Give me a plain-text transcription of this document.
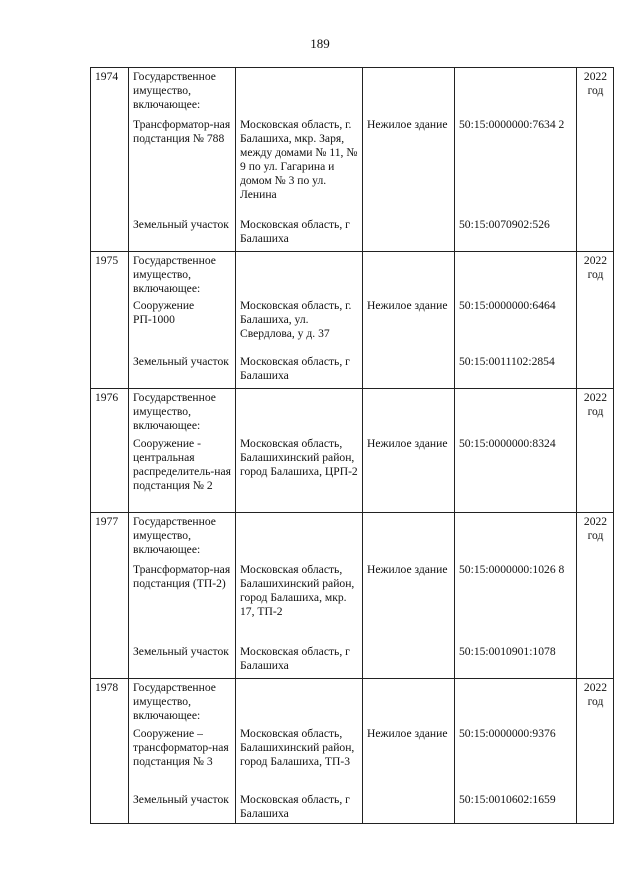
189
1974	Государственное имущество, включающее:				2022 год
	Трансформатор-ная подстанция № 788	Московская область, г. Балашиха, мкр. Заря, между домами № 11, № 9 по ул. Гагарина и домом № 3 по ул. Ленина	Нежилое здание	50:15:0000000:7634 2	
	Земельный участок	Московская область, г Балашиха		50:15:0070902:526	
1975	Государственное имущество, включающее:				2022 год
	Сооружение РП-1000	Московская область, г. Балашиха, ул. Свердлова, у д. 37	Нежилое здание	50:15:0000000:6464	
	Земельный участок	Московская область, г Балашиха		50:15:0011102:2854	
1976	Государственное имущество, включающее:				2022 год
	Сооружение - центральная распределитель-ная подстанция № 2	Московская область, Балашихинский район, город Балашиха, ЦРП-2	Нежилое здание	50:15:0000000:8324	
1977	Государственное имущество, включающее:				2022 год
	Трансформатор-ная подстанция (ТП-2)	Московская область, Балашихинский район, город Балашиха, мкр. 17, ТП-2	Нежилое здание	50:15:0000000:1026 8	
	Земельный участок	Московская область, г Балашиха		50:15:0010901:1078	
1978	Государственное имущество, включающее:				2022 год
	Сооружение – трансформатор-ная подстанция № 3	Московская область, Балашихинский район, город Балашиха, ТП-3	Нежилое здание	50:15:0000000:9376	
	Земельный участок	Московская область, г Балашиха		50:15:0010602:1659	
